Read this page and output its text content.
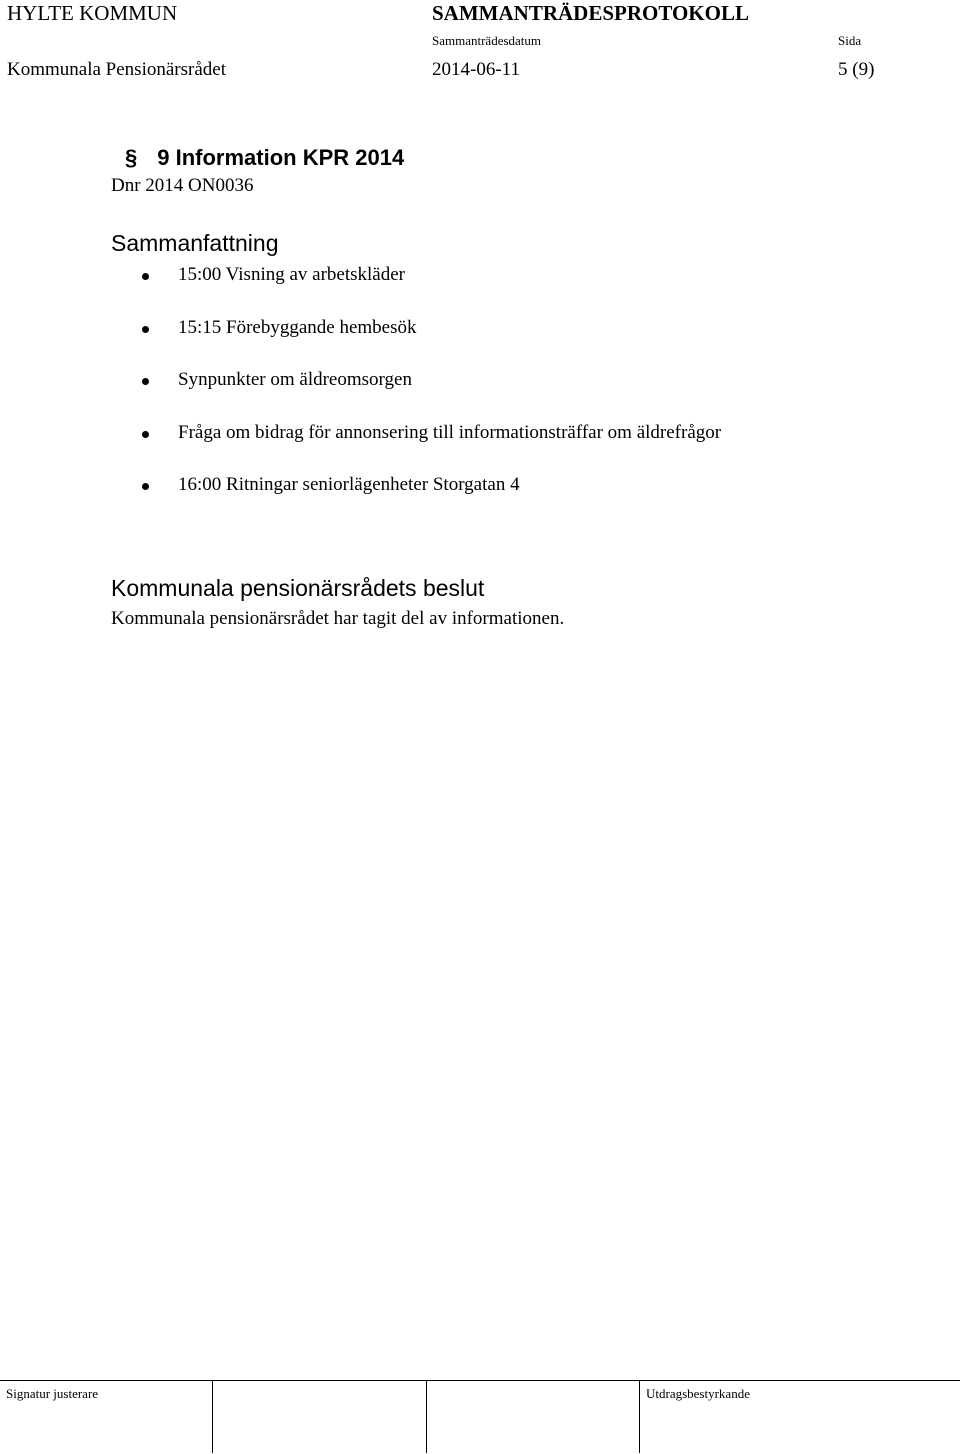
HYLTE KOMMUN	SAMMANTRÄDESPROTOKOLL
Sammanträdesdatum	Sida
Kommunala Pensionärsrådet	2014-06-11	5 (9)
§ 9 Information KPR 2014
Dnr 2014 ON0036
Sammanfattning
15:00 Visning av arbetskläder
15:15 Förebyggande hembesök
Synpunkter om äldreomsorgen
Fråga om bidrag för annonsering till informationsträffar om äldrefrågor
16:00 Ritningar seniorlägenheter Storgatan 4
Kommunala pensionärsrådets beslut
Kommunala pensionärsrådet har tagit del av informationen.
Signatur justerare	Utdragsbestyrkande
